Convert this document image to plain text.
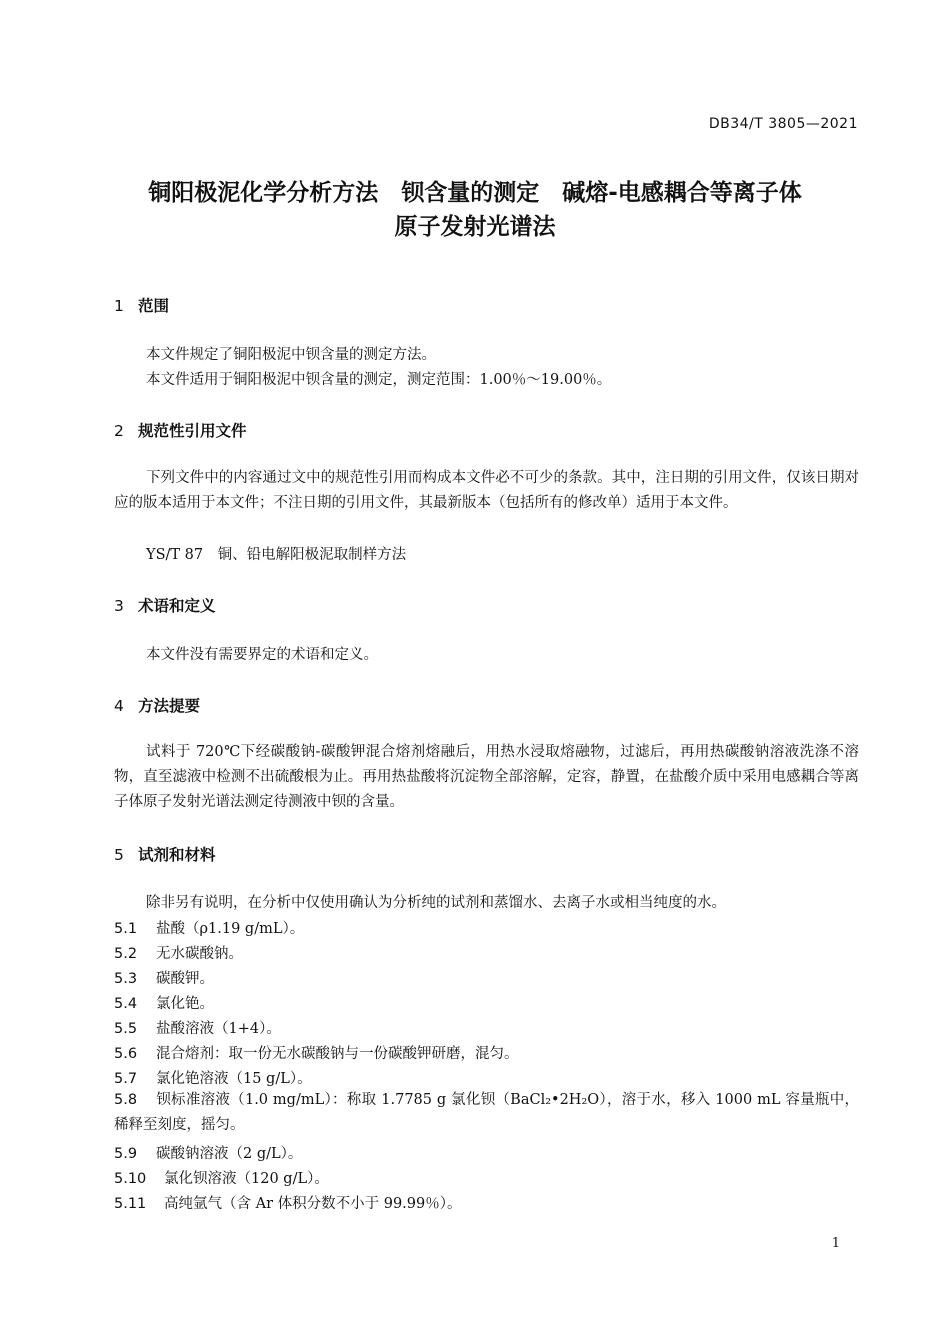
DB34/T 3805—2021
铜阳极泥化学分析方法　钡含量的测定　碱熔-电感耦合等离子体
原子发射光谱法
1 范围
本文件规定了铜阳极泥中钡含量的测定方法。
本文件适用于铜阳极泥中钡含量的测定，测定范围：1.00％～19.00％。
2 规范性引用文件
下列文件中的内容通过文中的规范性引用而构成本文件必不可少的条款。其中，注日期的引用文件，仅该日期对应的版本适用于本文件；不注日期的引用文件，其最新版本（包括所有的修改单）适用于本文件。
YS/T 87　铜、铅电解阳极泥取制样方法
3 术语和定义
本文件没有需要界定的术语和定义。
4 方法提要
试料于 720℃下经碳酸钠-碳酸钾混合熔剂熔融后，用热水浸取熔融物，过滤后，再用热碳酸钠溶液洗涤不溶物，直至滤液中检测不出硫酸根为止。再用热盐酸将沉淀物全部溶解，定容，静置，在盐酸介质中采用电感耦合等离子体原子发射光谱法测定待测液中钡的含量。
5 试剂和材料
除非另有说明，在分析中仅使用确认为分析纯的试剂和蒸馏水、去离子水或相当纯度的水。
5.1 盐酸（ρ1.19 g/mL）。
5.2 无水碳酸钠。
5.3 碳酸钾。
5.4 氯化铯。
5.5 盐酸溶液（1+4）。
5.6 混合熔剂：取一份无水碳酸钠与一份碳酸钾研磨，混匀。
5.7 氯化铯溶液（15 g/L）。
5.8 钡标准溶液（1.0 mg/mL）：称取 1.7785 g 氯化钡（BaCl₂•2H₂O），溶于水，移入 1000 mL 容量瓶中，稀释至刻度，摇匀。
5.9 碳酸钠溶液（2 g/L）。
5.10 氯化钡溶液（120 g/L）。
5.11 高纯氩气（含 Ar 体积分数不小于 99.99％）。
1
